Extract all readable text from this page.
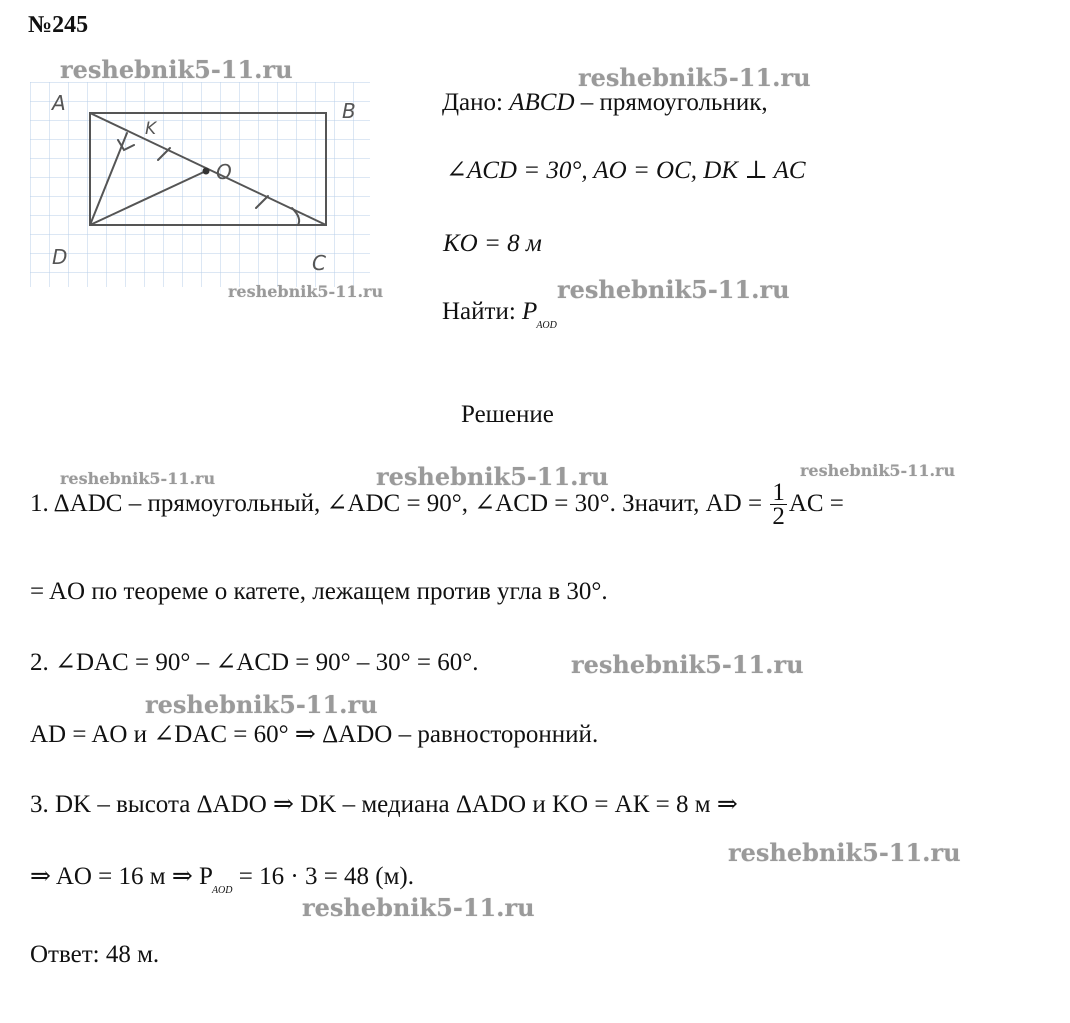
№245
A	B
C
D
O
K
Дано: ABCD – прямоугольник,
∠ACD = 30°, AO = OC, DK ⊥ AC
KO = 8 м
Найти: $P_{AOD}$
Решение
1. ΔADC – прямоугольный, ∠ADC = 90°, ∠ACD = 30°. Значит, AD = $\frac{1}{2}$ AC =
= AO по теореме о катете, лежащем против угла в 30°.
2. ∠DAC = 90° – ∠ACD = 90° – 30° = 60°.
AD = AO и ∠DAC = 60° ⇒ ΔADO – равносторонний.
3. DK – высота ΔADO ⇒ DK – медиана ΔADO и KO = АК = 8 м ⇒
⇒ AO = 16 м ⇒ $P_{AOD} = 16 \cdot 3 = 48$ (м).
Ответ: 48 м.
reshebnik5-11.ru	reshebnik5-11.ru
reshebnik5-11.ru	reshebnik5-11.ru
reshebnik5-11.ru	reshebnik5-11.ru	reshebnik5-11.ru
reshebnik5-11.ru
reshebnik5-11.ru
reshebnik5-11.ru
reshebnik5-11.ru
